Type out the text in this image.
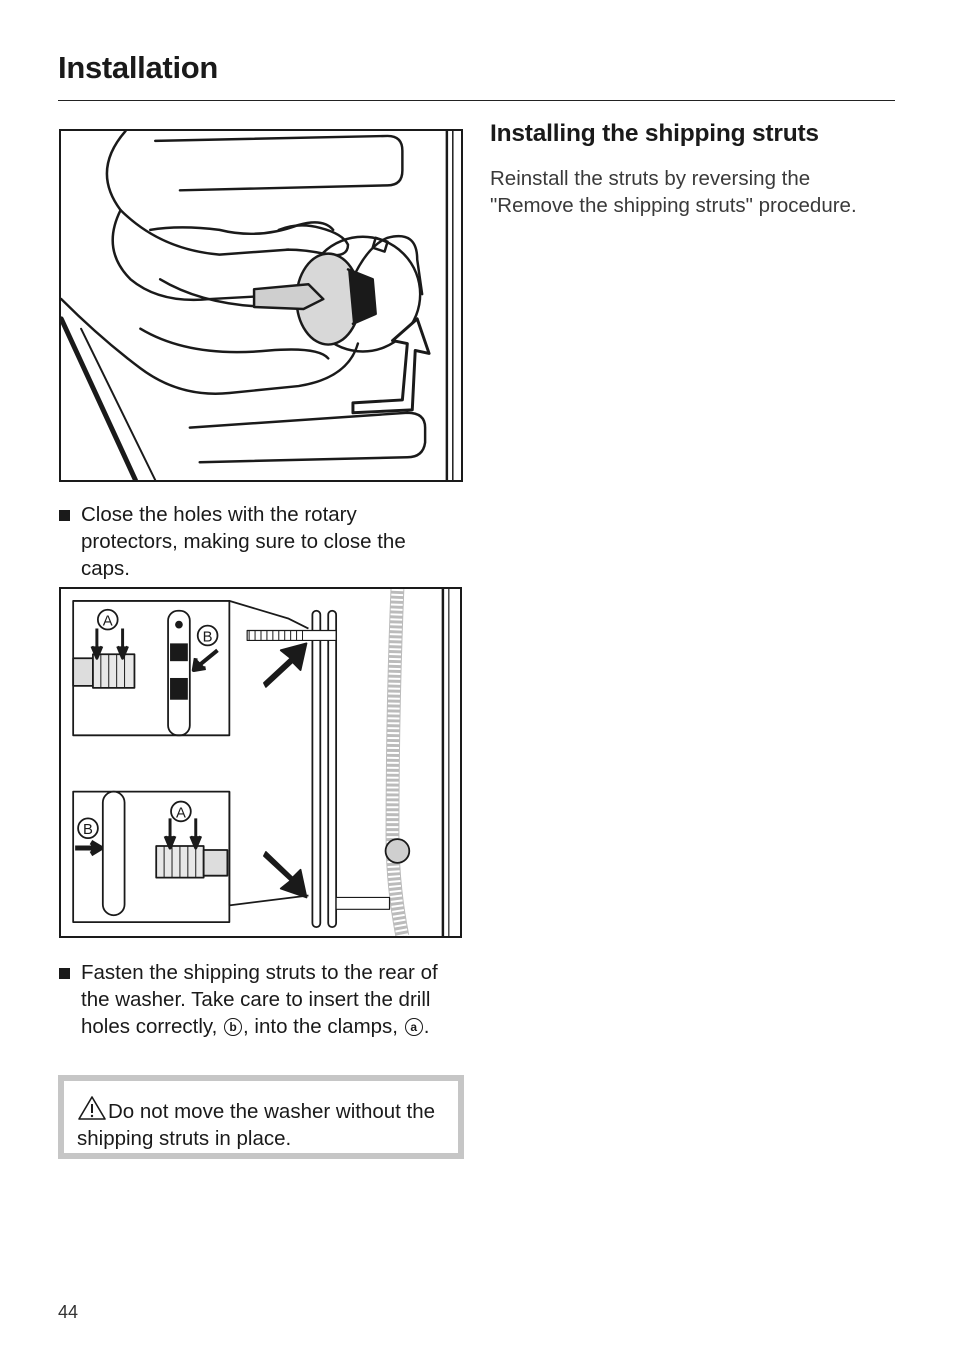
Installation
Close the holes with the rotary protectors, making sure to close the caps.
A
B
B
A
Fasten the shipping struts to the rear of the washer. Take care to insert the drill holes correctly, b , into the clamps, a .
Do not move the washer without the shipping struts in place.
Installing the shipping struts
Reinstall the struts by reversing the "Remove the shipping struts" procedure.
44
